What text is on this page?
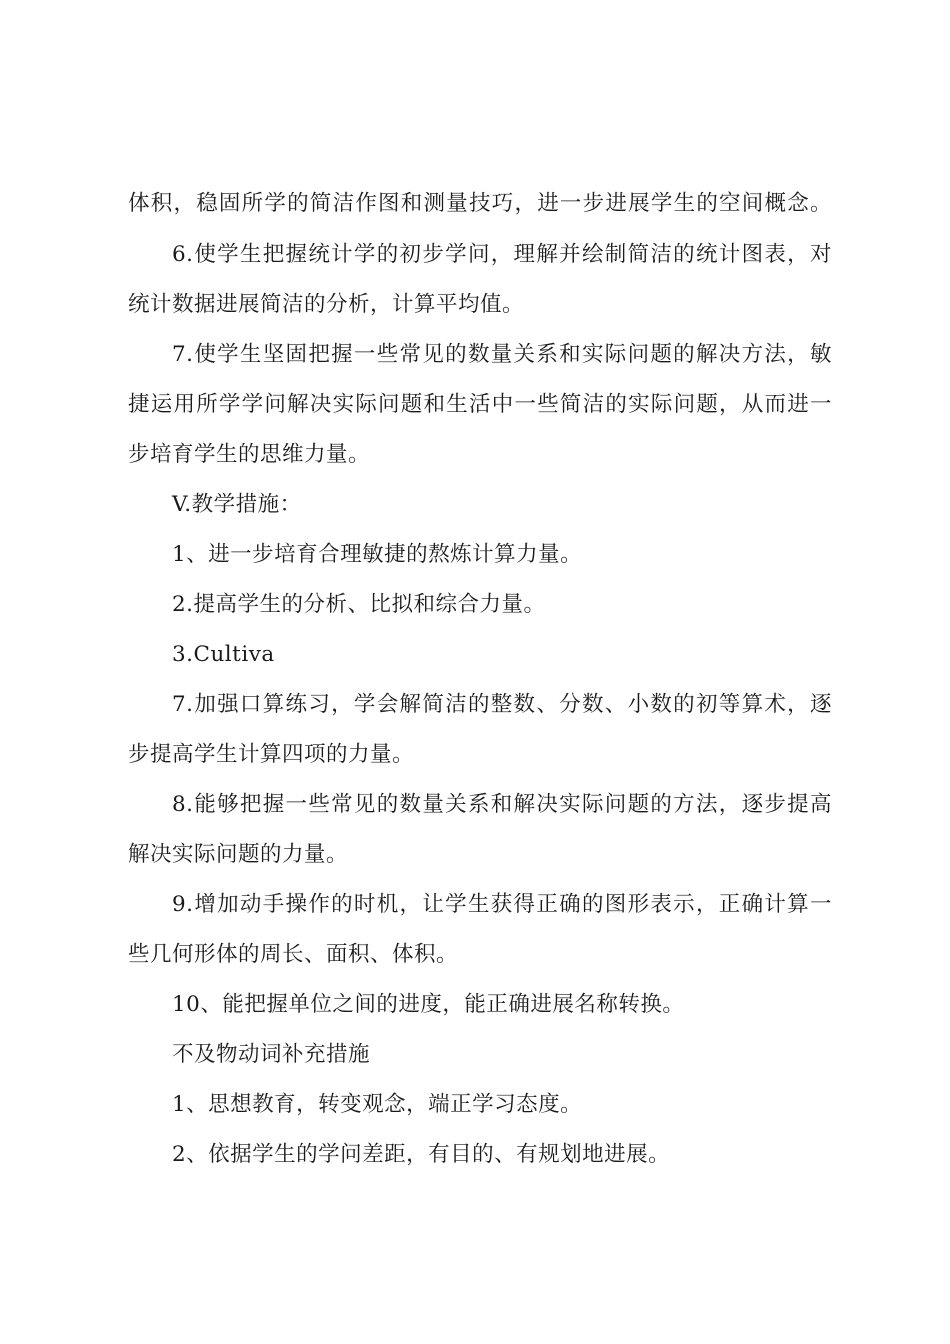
体积，稳固所学的简洁作图和测量技巧，进一步进展学生的空间概念。
6.使学生把握统计学的初步学问，理解并绘制简洁的统计图表，对
统计数据进展简洁的分析，计算平均值。
7.使学生坚固把握一些常见的数量关系和实际问题的解决方法，敏
捷运用所学学问解决实际问题和生活中一些简洁的实际问题，从而进一
步培育学生的思维力量。
V.教学措施：
1、进一步培育合理敏捷的熬炼计算力量。
2.提高学生的分析、比拟和综合力量。
3.Cultiva
7.加强口算练习，学会解简洁的整数、分数、小数的初等算术，逐
步提高学生计算四项的力量。
8.能够把握一些常见的数量关系和解决实际问题的方法，逐步提高
解决实际问题的力量。
9.增加动手操作的时机，让学生获得正确的图形表示，正确计算一
些几何形体的周长、面积、体积。
10、能把握单位之间的进度，能正确进展名称转换。
不及物动词补充措施
1、思想教育，转变观念，端正学习态度。
2、依据学生的学问差距，有目的、有规划地进展。
